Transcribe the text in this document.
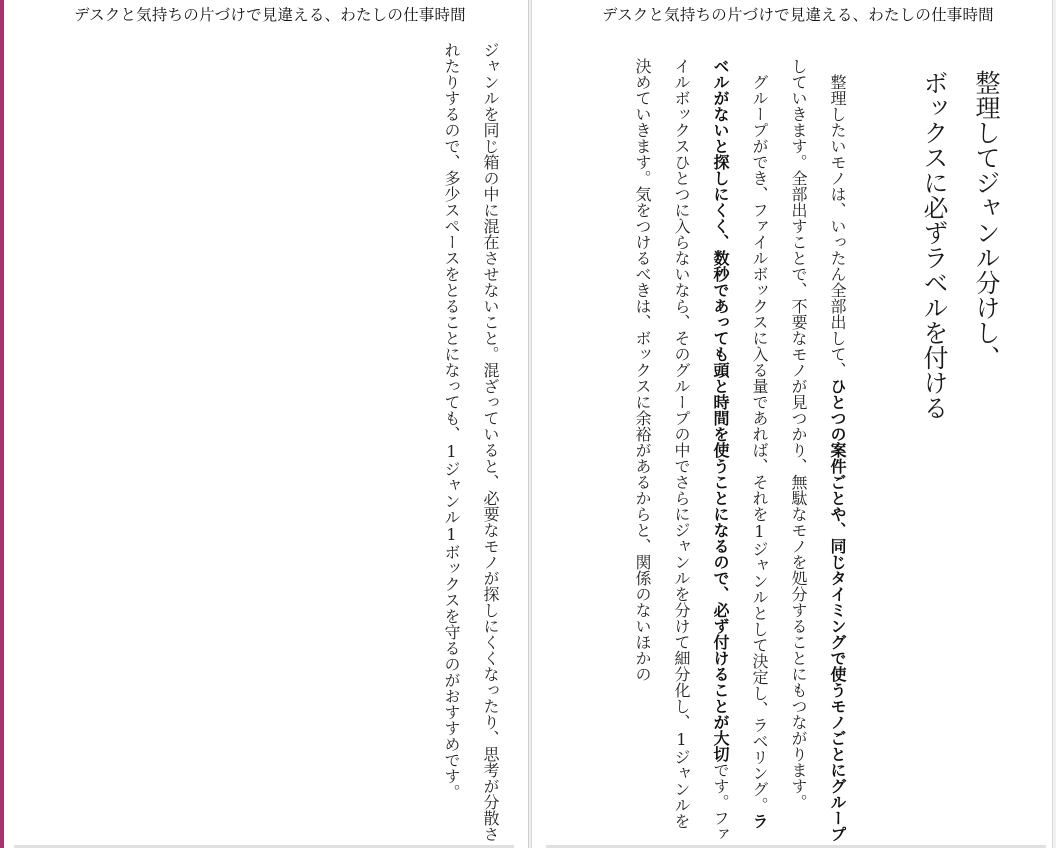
デスクと気持ちの片づけで見違える、わたしの仕事時間

ジャンルを同じ箱の中に混在させないこと。混ざっていると、必要なモノが探しにくくなったり、思考が分散されたりするので、多少スペースをとることになっても、1ジャンル1ボックスを守るのがおすすめです。

デスクと気持ちの片づけで見違える、わたしの仕事時間
整理してジャンル分けし、
ボックスに必ずラベルを付ける

整理したいモノは、いったん全部出して、ひとつの案件ごとや、同じタイミングで使うモノごとにグループしていきます。全部出すことで、不要なモノが見つかり、無駄なモノを処分することにもつながります。

グループができ、ファイルボックスに入る量であれば、それを1ジャンルとして決定し、ラベリング。ラベルがないと探しにくく、数秒であっても頭と時間を使うことになるので、必ず付けることが大切です。ファイルボックスひとつに入らないなら、そのグループの中でさらにジャンルを分けて細分化し、1ジャンルを決めていきます。気をつけるべきは、ボックスに余裕があるからと、関係のないほかの
